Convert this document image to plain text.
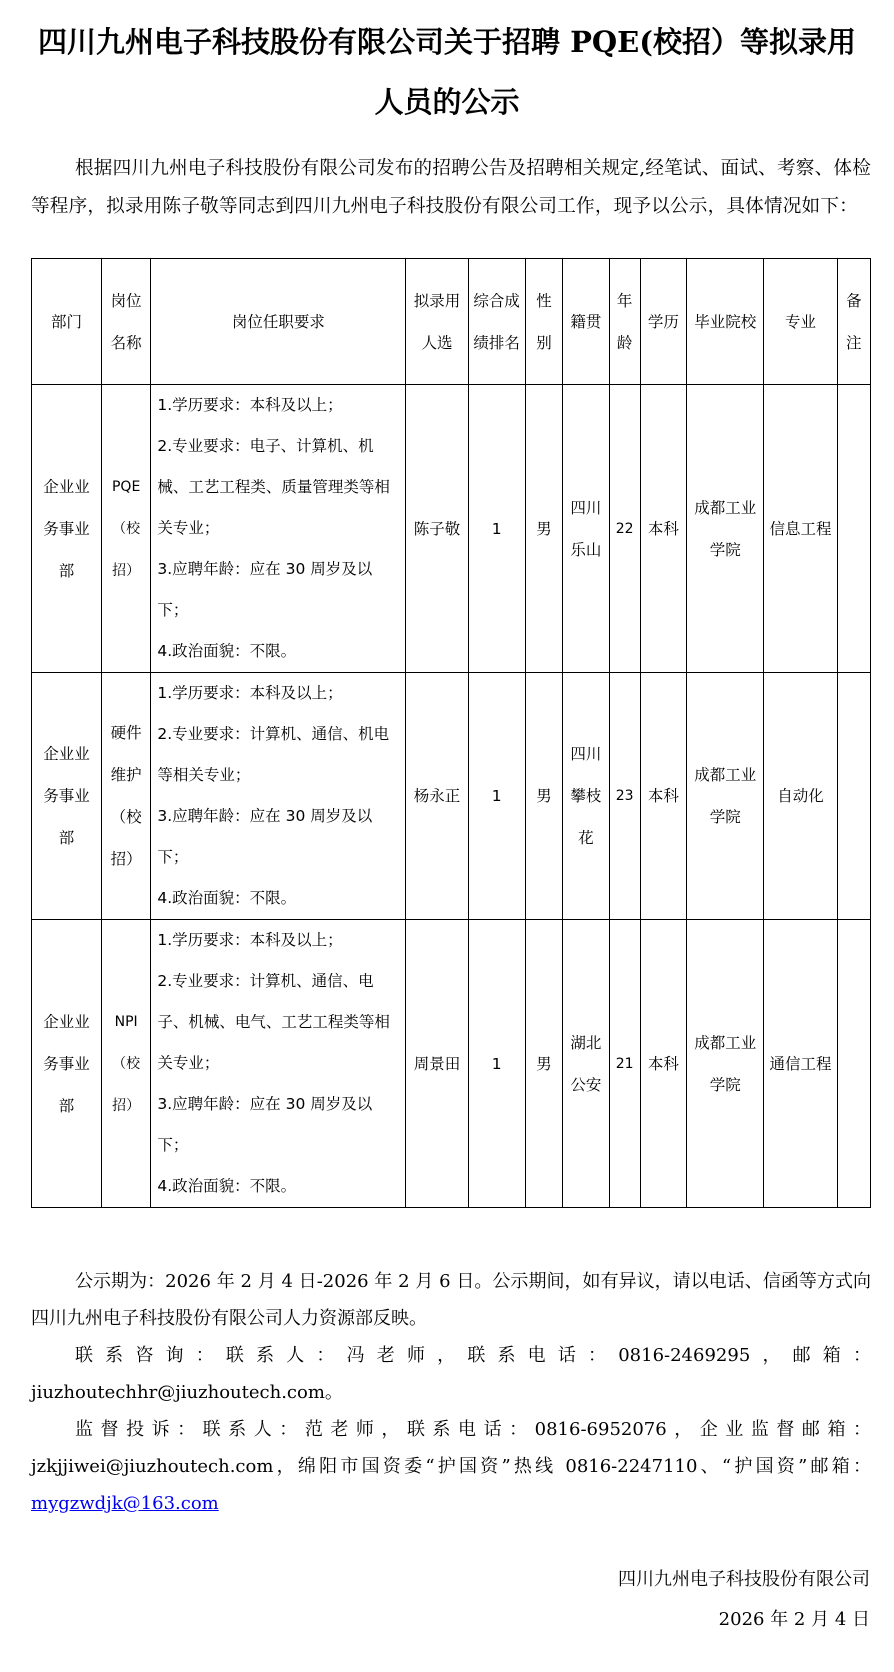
四川九州电子科技股份有限公司关于招聘 PQE(校招）等拟录用
人员的公示
根据四川九州电子科技股份有限公司发布的招聘公告及招聘相关规定,经笔试、面试、考察、体检等程序，拟录用陈子敬等同志到四川九州电子科技股份有限公司工作，现予以公示，具体情况如下：
部门	岗位名称	岗位任职要求	拟录用人选	综合成绩排名	性别	籍贯	年龄	学历	毕业院校	专业	备注
企业业务事业部	PQE（校招）	1.学历要求：本科及以上；
2.专业要求：电子、计算机、机械、工艺工程类、质量管理类等相关专业；
3.应聘年龄：应在 30 周岁及以下；
4.政治面貌：不限。	陈子敬	1	男	四川乐山	22	本科	成都工业学院	信息工程	
企业业务事业部	硬件维护（校招）	1.学历要求：本科及以上；
2.专业要求：计算机、通信、机电等相关专业；
3.应聘年龄：应在 30 周岁及以下；
4.政治面貌：不限。	杨永正	1	男	四川攀枝花	23	本科	成都工业学院	自动化	
企业业务事业部	NPI（校招）	1.学历要求：本科及以上；
2.专业要求：计算机、通信、电子、机械、电气、工艺工程类等相关专业；
3.应聘年龄：应在 30 周岁及以下；
4.政治面貌：不限。	周景田	1	男	湖北公安	21	本科	成都工业学院	通信工程	

公示期为：2026 年 2 月 4 日-2026 年 2 月 6 日。公示期间，如有异议，请以电话、信函等方式向四川九州电子科技股份有限公司人力资源部反映。

联系咨询：联系人：冯老师，联系电话：0816-2469295，邮箱：jiuzhoutechhr@jiuzhoutech.com。

监督投诉：联系人：范老师，联系电话：0816-6952076，企业监督邮箱：jzkjjiwei@jiuzhoutech.com，绵阳市国资委“护国资”热线 0816-2247110、“护国资”邮箱：mygzwdjk@163.com

四川九州电子科技股份有限公司
2026 年 2 月 4 日
